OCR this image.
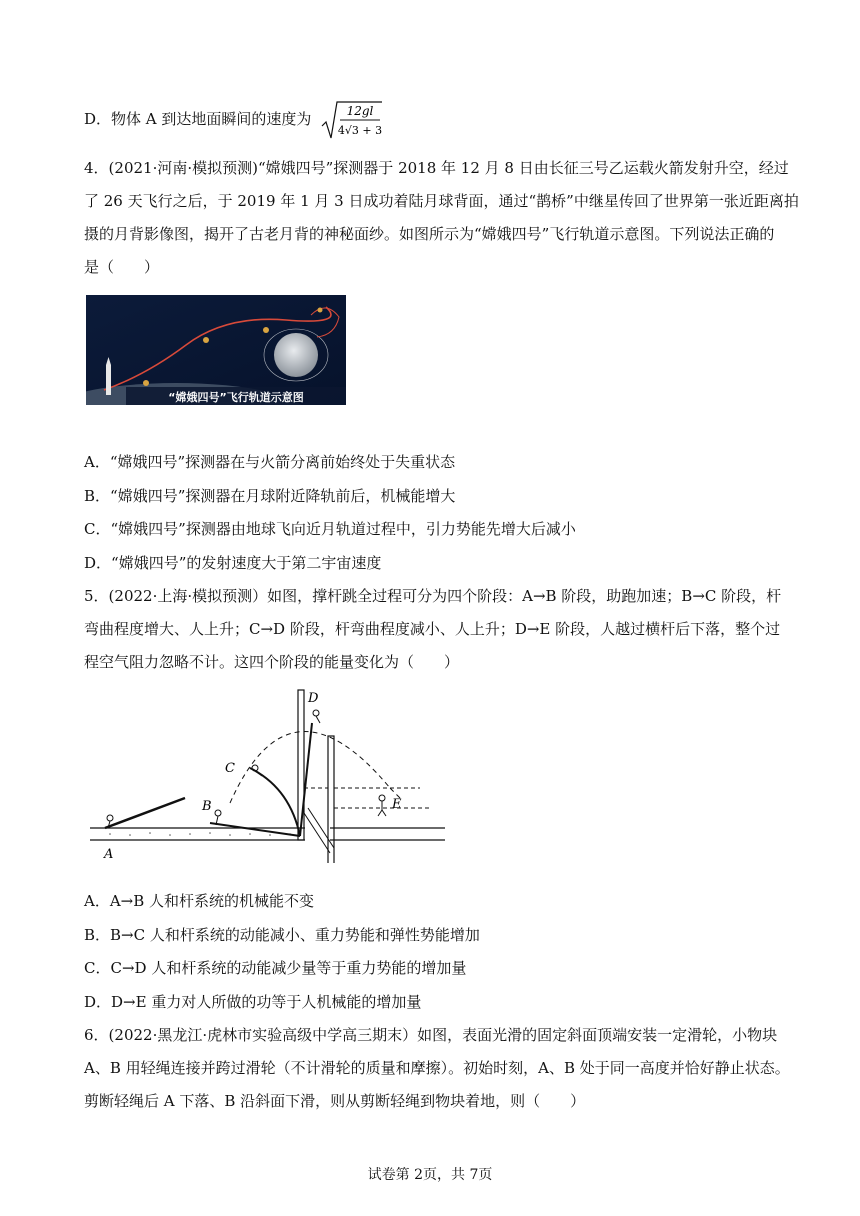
D．物体 A 到达地面瞬间的速度为	12gl
4√3 + 3
4．(2021·河南·模拟预测)“嫦娥四号”探测器于 2018 年 12 月 8 日由长征三号乙运载火箭发射升空，经过
了 26 天飞行之后，于 2019 年 1 月 3 日成功着陆月球背面，通过“鹊桥”中继星传回了世界第一张近距离拍
摄的月背影像图，揭开了古老月背的神秘面纱。如图所示为“嫦娥四号”飞行轨道示意图。下列说法正确的
是（　　）
“嫦娥四号”飞行轨道示意图
A．“嫦娥四号”探测器在与火箭分离前始终处于失重状态
B．“嫦娥四号”探测器在月球附近降轨前后，机械能增大
C．“嫦娥四号”探测器由地球飞向近月轨道过程中，引力势能先增大后减小
D．“嫦娥四号”的发射速度大于第二宇宙速度
5．(2022·上海·模拟预测）如图，撑杆跳全过程可分为四个阶段：A→B 阶段，助跑加速；B→C 阶段，杆
弯曲程度增大、人上升；C→D 阶段，杆弯曲程度减小、人上升；D→E 阶段，人越过横杆后下落，整个过
程空气阻力忽略不计。这四个阶段的能量变化为（　　）
A
B
C
D
E
A．A→B 人和杆系统的机械能不变
B．B→C 人和杆系统的动能减小、重力势能和弹性势能增加
C．C→D 人和杆系统的动能减少量等于重力势能的增加量
D．D→E 重力对人所做的功等于人机械能的增加量
6．(2022·黑龙江·虎林市实验高级中学高三期末）如图，表面光滑的固定斜面顶端安装一定滑轮，小物块
A、B 用轻绳连接并跨过滑轮（不计滑轮的质量和摩擦）。初始时刻，A、B 处于同一高度并恰好静止状态。
剪断轻绳后 A 下落、B 沿斜面下滑，则从剪断轻绳到物块着地，则（　　）
试卷第 2页，共 7页
